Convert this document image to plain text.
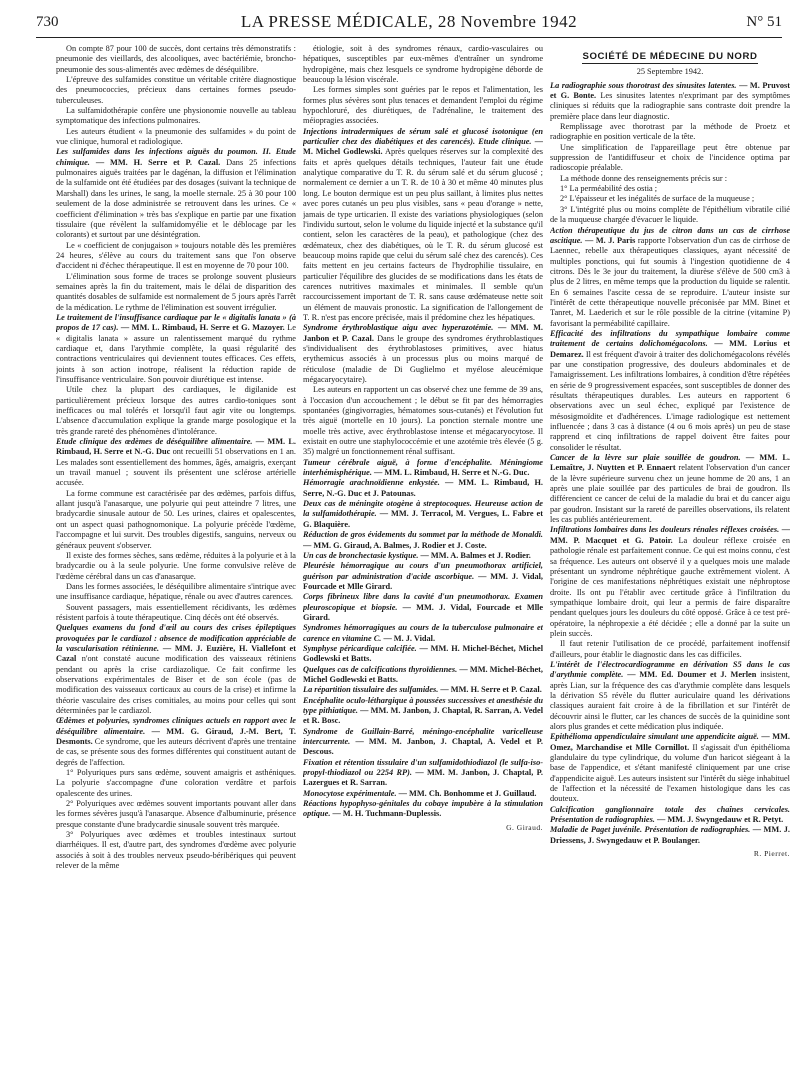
730	LA PRESSE MÉDICALE, 28 Novembre 1942	N° 51

On compte 87 pour 100 de succès, dont certains très démonstratifs : pneumonie des vieillards, des alcooliques, avec bactériémie, broncho-pneumonie des sous-alimentés avec œdèmes de déséquilibre.

L'épreuve des sulfamides constitue un véritable critère diagnostique des pneumococcies, précieux dans certaines formes pseudo-tuberculeuses.

La sulfamidothérapie confère une physionomie nouvelle au tableau symptomatique des infections pulmonaires.

Les auteurs étudient « la pneumonie des sulfamides » du point de vue clinique, humoral et radiologique.

Les sulfamides dans les infections aiguës du poumon. II. Etude chimique. — MM. H. Serre et P. Cazal. Dans 25 infections pulmonaires aiguës traitées par le dagénan, la diffusion et l'élimination de la sulfamide ont été étudiées par des dosages (suivant la technique de Marshall) dans les urines, le sang, la moelle sternale. 25 à 30 pour 100 seulement de la dose administrée se retrouvent dans les urines. Ce « coefficient d'élimination » très bas s'explique en partie par une fixation tissulaire (que révèlent la sulfamidomyélie et le déblocage par les colorants) et surtout par une désintégration.

Le « coefficient de conjugaison » toujours notable dès les premières 24 heures, s'élève au cours du traitement sans que l'on observe d'accident ni d'échec thérapeutique. Il est en moyenne de 70 pour 100.

L'élimination sous forme de traces se prolonge souvent plusieurs semaines après la fin du traitement, mais le délai de disparition des quantités dosables de sulfamide est normalement de 5 jours après l'arrêt de la médication. Le rythme de l'élimination est souvent irrégulier.

Le traitement de l'insuffisance cardiaque par le « digitalis lanata » (à propos de 17 cas). — MM. L. Rimbaud, H. Serre et G. Mazoyer. Le « digitalis lanata » assure un ralentissement marqué du rythme cardiaque et, dans l'arythmie complète, la quasi régularité des contractions ventriculaires qui deviennent toutes efficaces. Ces effets, joints à son action inotrope, réalisent la réduction rapide de l'insuffisance ventriculaire. Son pouvoir diurétique est intense.

Utile chez la plupart des cardiaques, le digilanide est particulièrement précieux lorsque des autres cardio-toniques sont inefficaces ou mal tolérés et lorsqu'il faut agir vite ou longtemps. L'absence d'accumulation explique la grande marge posologique et la très grande rareté des phénomènes d'intolérance.

Etude clinique des œdèmes de déséquilibre alimentaire. — MM. L. Rimbaud, H. Serre et N.-G. Duc ont recueilli 51 observations en 1 an. Les malades sont essentiellement des hommes, âgés, amaigris, exerçant un travail manuel ; souvent ils présentent une sclérose artérielle accusée.

La forme commune est caractérisée par des œdèmes, parfois diffus, allant jusqu'à l'anasarque, une polyurie qui peut atteindre 7 litres, une bradycardie sinusale autour de 50. Les urines, claires et opalescentes, ont un aspect quasi pathognomonique. La polyurie précède l'œdème, l'accompagne et lui survit. Des troubles digestifs, sanguins, nerveux ou généraux peuvent s'observer.

Il existe des formes sèches, sans œdème, réduites à la polyurie et à la bradycardie ou à la seule polyurie. Une forme convulsive relève de l'œdème cérébral dans un cas d'anasarque.

Dans les formes associées, le déséquilibre alimentaire s'intrique avec une insuffisance cardiaque, hépatique, rénale ou avec d'autres carences.

Souvent passagers, mais essentiellement récidivants, les œdèmes résistent parfois à toute thérapeutique. Cinq décès ont été observés.

Quelques examens du fond d'œil au cours des crises épileptiques provoquées par le cardiazol : absence de modification appréciable de la vascularisation rétinienne. — MM. J. Euzière, H. Viallefont et Cazal n'ont constaté aucune modification des vaisseaux rétiniens pendant ou après la crise cardiazolique. Ce fait confirme les observations expérimentales de Biser et de son école (pas de modification des vaisseaux corticaux au cours de la crise) et infirme la théorie vasculaire des crises comitiales, au moins pour celles qui sont déterminées par le cardiazol.

Œdèmes et polyuries, syndromes cliniques actuels en rapport avec le déséquilibre alimentaire. — MM. G. Giraud, J.-M. Bert, T. Desmonts. Ce syndrome, que les auteurs décrivent d'après une trentaine de cas, se présente sous des formes différentes qui constituent autant de degrés de l'affection.

1° Polyuriques purs sans œdème, souvent amaigris et asthéniques. La polyurie s'accompagne d'une coloration verdâtre et parfois opalescente des urines.

2° Polyuriques avec œdèmes souvent importants pouvant aller dans les formes sévères jusqu'à l'anasarque. Absence d'albuminurie, présence presque constante d'une bradycardie sinusale souvent très marquée.

3° Polyuriques avec œdèmes et troubles intestinaux surtout diarrhéiques. Il est, d'autre part, des syndromes d'œdème avec polyurie associés à soit à des troubles nerveux pseudo-béribériques qui peuvent relever de la même

étiologie, soit à des syndromes rénaux, cardio-vasculaires ou hépatiques, susceptibles par eux-mêmes d'entraîner un syndrome hydropigène, mais chez lesquels ce syndrome hydropigène déborde de beaucoup la lésion viscérale.

Les formes simples sont guéries par le repos et l'alimentation, les formes plus sévères sont plus tenaces et demandent l'emploi du régime hypochloruré, des diurétiques, de l'adrénaline, le traitement des méiopragies associées.

Injections intradermiques de sérum salé et glucosé isotonique (en particulier chez des diabétiques et des carencés). Etude clinique. — M. Michel Godlewski. Après quelques réserves sur la complexité des faits et après quelques détails techniques, l'auteur fait une étude analytique comparative du T. R. du sérum salé et du sérum glucosé ; normalement ce dernier a un T. R. de 10 à 30 et même 40 minutes plus long. Le bouton dermique est un peu plus saillant, à limites plus nettes avec pores cutanés un peu plus visibles, sans « peau d'orange » nette, jamais de type urticarien. Il existe des variations physiologiques (selon l'individu surtout, selon le volume du liquide injecté et la substance qu'il contient, selon les caractères de la peau), et pathologique (chez des œdémateux, chez des diabétiques, où le T. R. du sérum glucosé est beaucoup moins rapide que celui du sérum salé chez des carencés). Ces faits mettent en jeu certains facteurs de l'hydrophilie tissulaire, en particulier l'équilibre des glucides de se modifications dans les états de carences nutritives maximales et minimales. Il semble qu'un raccourcissement important de T. R. sans cause œdémateuse nette soit un élément de mauvais pronostic. La signification de l'allongement de T. R. n'est pas encore précisée, mais il prédomine chez les hépatiques.

Syndrome érythroblastique aigu avec hyperazotémie. — MM. M. Janbon et P. Cazal. Dans le groupe des syndromes érythroblastiques s'individualisent des érythroblastoses primitives, avec hiatus erythemicus associés à un processus plus ou moins marqué de réticulose (maladie de Di Guglielmo et myélose aleucémique mégacaryocytaire).

Les auteurs en rapportent un cas observé chez une femme de 39 ans, à l'occasion d'un accouchement ; le début se fit par des hémorragies spontanées (gingivorragies, hématomes sous-cutanés) et l'évolution fut très aiguë (mortelle en 10 jours). La ponction sternale montre une moelle très active, avec érythroblastose intense et mégacaryocytose. Il existait en outre une staphylococcémie et une azotémie très élevée (5 g. 35) malgré un fonctionnement rénal suffisant.

Tumeur cérébrale aiguë, à forme d'encéphalite. Méningiome interhémisphérique. — MM. L. Rimbaud, H. Serre et N.-G. Duc.

Hémorragie arachnoïdienne enkystée. — MM. L. Rimbaud, H. Serre, N.-G. Duc et J. Patounas.

Deux cas de méningite otogène à streptocoques. Heureuse action de la sulfamidothérapie. — MM. J. Terracol, M. Vergues, L. Fabre et G. Blaquière.

Réduction de gros évidements du sommet par la méthode de Monaldi. — MM. G. Giraud, A. Balmes, J. Rodier et J. Coste.

Un cas de bronchectasie kystique. — MM. A. Balmes et J. Rodier.

Pleurésie hémorragique au cours d'un pneumothorax artificiel, guérison par administration d'acide ascorbique. — MM. J. Vidal, Fourcade et Mlle Girard.

Corps fibrineux libre dans la cavité d'un pneumothorax. Examen pleuroscopique et biopsie. — MM. J. Vidal, Fourcade et Mlle Girard.

Syndromes hémorragiques au cours de la tuberculose pulmonaire et carence en vitamine C. — M. J. Vidal.

Symphyse péricardique calcifiée. — MM. H. Michel-Béchet, Michel Godlewski et Batts.

Quelques cas de calcifications thyroïdiennes. — MM. Michel-Béchet, Michel Godlewski et Batts.

La répartition tissulaire des sulfamides. — MM. H. Serre et P. Cazal.

Encéphalite oculo-léthargique à poussées successives et anesthésie du type pithiatique. — MM. M. Janbon, J. Chaptal, R. Sarran, A. Vedel et R. Bosc.

Syndrome de Guillain-Barré, méningo-encéphalite varicelleuse intercurrente. — MM. M. Janbon, J. Chaptal, A. Vedel et P. Descous.

Fixation et rétention tissulaire d'un sulfamidothiodiazol (le sulfa-iso-propyl-thiodiazol ou 2254 RP). — MM. M. Janbon, J. Chaptal, P. Lazergues et R. Sarran.

Monocytose expérimentale. — MM. Ch. Bonhomme et J. Guillaud.

Réactions hypophyso-génitales du cobaye impubère à la stimulation optique. — M. H. Tuchmann-Duplessis.

G. Giraud.

SOCIÉTÉ DE MÉDECINE DU NORD
25 Septembre 1942.

La radiographie sous thorotrast des sinusites latentes. — M. Pruvost et G. Bonte. Les sinusites latentes n'exprimant par des symptômes cliniques si réduits que la radiographie sans contraste doit prendre la première place dans leur diagnostic.

Remplissage avec thorotrast par la méthode de Proetz et radiographie en position verticale de la tête.

Une simplification de l'appareillage peut être obtenue par suppression de l'antidiffuseur et choix de l'incidence optima par radioscopie préalable.

La méthode donne des renseignements précis sur :

1° La perméabilité des ostia ;

2° L'épaisseur et les inégalités de surface de la muqueuse ;

3° L'intégrité plus ou moins complète de l'épithélium vibratile cilié de la muqueuse chargée d'évacuer le liquide.

Action thérapeutique du jus de citron dans un cas de cirrhose ascitique. — M. J. Paris rapporte l'observation d'un cas de cirrhose de Laennec, rebelle aux thérapeutiques classiques, ayant nécessité de multiples ponctions, qui fut soumis à l'ingestion quotidienne de 4 citrons. Dès le 3e jour du traitement, la diurèse s'élève de 500 cm3 à plus de 2 litres, en même temps que la production du liquide se ralentit. En 6 semaines l'ascite cessa de se reproduire. L'auteur insiste sur l'intérêt de cette thérapeutique nouvelle préconisée par MM. Binet et Tanret, M. Laederich et sur le rôle possible de la citrine (vitamine P) favorisant la perméabilité capillaire.

Efficacité des infiltrations du sympathique lombaire comme traitement de certains dolichomégacolons. — MM. Lorius et Demarez. Il est fréquent d'avoir à traiter des dolichomégacolons révélés par une constipation progressive, des douleurs abdominales et de l'amaigrissement. Les infiltrations lombaires, à condition d'être répétées en série de 9 progressivement espacées, sont susceptibles de donner des résultats thérapeutiques durables. Les auteurs en rapportent 6 observations avec un seul échec, expliqué par l'existence de mésosigmoïdite et d'adhérences. L'image radiologique est nettement influencée ; dans 3 cas à distance (4 ou 6 mois après) un peu de stase rapprend et cinq infiltrations de rappel doivent être faites pour consolider le résultat.

Cancer de la lèvre sur plaie souillée de goudron. — MM. L. Lemaître, J. Nuytten et P. Ennaert relatent l'observation d'un cancer de la lèvre supérieure survenu chez un jeune homme de 20 ans, 1 an après une plaie souillée par des particules de brai de goudron. Ils différencient ce cancer de celui de la maladie du brai et du cancer aigu par goudron. Insistant sur la rareté de pareilles observations, ils relatent les cas publiés antérieurement.

Infiltrations lombaires dans les douleurs rénales réflexes croisées. — MM. P. Macquet et G. Patoir. La douleur réflexe croisée en pathologie rénale est parfaitement connue. Ce qui est moins connu, c'est sa fréquence. Les auteurs ont observé il y a quelques mois une malade présentant un syndrome néphrétique gauche extrêmement violent. A l'origine de ces manifestations néphrétiques existait une néphroptose droite. Ils ont pu l'établir avec certitude grâce à l'infiltration du sympathique lombaire droit, qui leur a permis de faire disparaître pendant quelques jours les douleurs du côté opposé. Grâce à ce test pré-opératoire, la néphropexie a été décidée ; elle a donné par la suite un plein succès.

Il faut retenir l'utilisation de ce procédé, parfaitement inoffensif d'ailleurs, pour établir le diagnostic dans les cas difficiles.

L'intérêt de l'électrocardiogramme en dérivation S5 dans le cas d'arythmie complète. — MM. Ed. Doumer et J. Merlen insistent, après Lian, sur la fréquence des cas d'arythmie complète dans lesquels la dérivation S5 révèle du flutter auriculaire quand les dérivations classiques auraient fait croire à de la fibrillation et sur l'intérêt de découvrir ainsi le flutter, car les chances de succès de la quinidine sont alors plus grandes et cette médication plus indiquée.

Epithélioma appendiculaire simulant une appendicite aiguë. — MM. Omez, Marchandise et Mlle Cornillot. Il s'agissait d'un épithélioma glandulaire du type cylindrique, du volume d'un haricot siégeant à la base de l'appendice, et s'étant manifesté cliniquement par une crise d'appendicite aiguë. Les auteurs insistent sur l'intérêt du siège inhabituel de l'affection et la nécessité de l'examen histologique dans les cas douteux.

Calcification ganglionnaire totale des chaînes cervicales. Présentation de radiographies. — MM. J. Swyngedauw et R. Petyt.

Maladie de Paget juvénile. Présentation de radiographies. — MM. J. Driessens, J. Swyngedauw et P. Boulanger.

R. Pierret.
